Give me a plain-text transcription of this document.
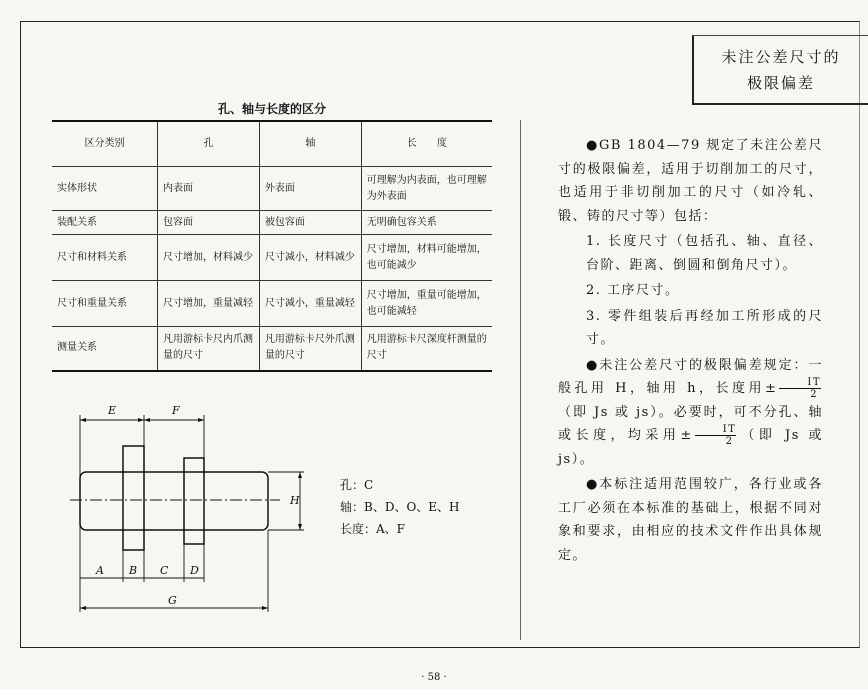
未注公差尺寸的
极限偏差
孔、轴与长度的区分
区分类别	孔	轴	长　　度
实体形状	内表面	外表面	可理解为内表面，也可理解为外表面
装配关系	包容面	被包容面	无明确包容关系
尺寸和材料关系	尺寸增加，材料减少	尺寸减小，材料减少	尺寸增加，材料可能增加，也可能减少
尺寸和重量关系	尺寸增加，重量减轻	尺寸减小，重量减轻	尺寸增加，重量可能增加，也可能减轻
测量关系	凡用游标卡尺内爪测量的尺寸	凡用游标卡尺外爪测量的尺寸	凡用游标卡尺深度杆测量的尺寸
E	F
H
A B C D
G
孔：C
轴：B、D、O、E、H
长度：A、F

●GB 1804—79 规定了未注公差尺寸的极限偏差，适用于切削加工的尺寸，也适用于非切削加工的尺寸（如冷轧、锻、铸的尺寸等）包括：

1. 长度尺寸（包括孔、轴、直径、台阶、距离、倒圆和倒角尺寸）。

2. 工序尺寸。

3. 零件组装后再经加工所形成的尺寸。

●未注公差尺寸的极限偏差规定：一般孔用 H，轴用 h，长度用± $\frac{IT}{2}$
（即 Js 或 js）。必要时，可不分孔、轴或长度，均采用± $\frac{IT}{2}$ （即 Js 或 js）。

●本标注适用范围较广，各行业或各工厂必须在本标准的基础上，根据不同对象和要求，由相应的技术文件作出具体规定。

· 58 ·
